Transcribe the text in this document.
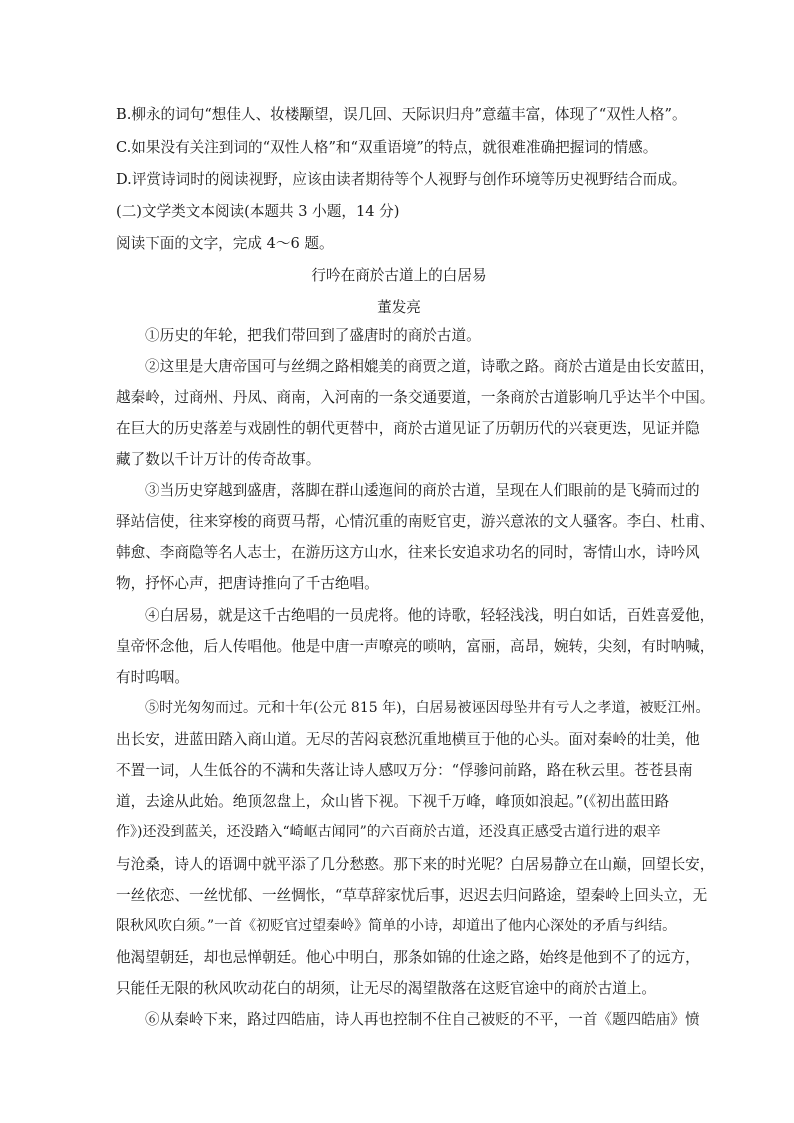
B.柳永的词句“想佳人、妆楼颙望，误几回、天际识归舟”意蕴丰富，体现了“双性人格”。
C.如果没有关注到词的“双性人格”和“双重语境”的特点，就很难准确把握词的情感。
D.评赏诗词时的阅读视野，应该由读者期待等个人视野与创作环境等历史视野结合而成。
(二)文学类文本阅读(本题共 3 小题，14 分)
阅读下面的文字，完成 4～6 题。
行吟在商於古道上的白居易
董发亮
①历史的年轮，把我们带回到了盛唐时的商於古道。
②这里是大唐帝国可与丝绸之路相媲美的商贾之道，诗歌之路。商於古道是由长安蓝田，
越秦岭，过商州、丹凤、商南，入河南的一条交通要道，一条商於古道影响几乎达半个中国。
在巨大的历史落差与戏剧性的朝代更替中，商於古道见证了历朝历代的兴衰更迭，见证并隐
藏了数以千计万计的传奇故事。
③当历史穿越到盛唐，落脚在群山逶迤间的商於古道，呈现在人们眼前的是飞骑而过的
驿站信使，往来穿梭的商贾马帮，心情沉重的南贬官吏，游兴意浓的文人骚客。李白、杜甫、
韩愈、李商隐等名人志士，在游历这方山水，往来长安追求功名的同时，寄情山水，诗吟风
物，抒怀心声，把唐诗推向了千古绝唱。
④白居易，就是这千古绝唱的一员虎将。他的诗歌，轻轻浅浅，明白如话，百姓喜爱他，
皇帝怀念他，后人传唱他。他是中唐一声嘹亮的唢呐，富丽，高昂，婉转，尖刻，有时呐喊，
有时呜咽。
⑤时光匆匆而过。元和十年(公元 815 年)，白居易被诬因母坠井有亏人之孝道，被贬江州。
出长安，进蓝田踏入商山道。无尽的苦闷哀愁沉重地横亘于他的心头。面对秦岭的壮美，他
不置一词，人生低谷的不满和失落让诗人感叹万分：“俘骖问前路，路在秋云里。苍苍县南
道，去途从此始。绝顶忽盘上，众山皆下视。下视千万峰，峰顶如浪起。”(《初出蓝田路
作》)还没到蓝关，还没踏入“崎岖古闻同”的六百商於古道，还没真正感受古道行进的艰辛
与沧桑，诗人的语调中就平添了几分愁憨。那下来的时光呢？白居易静立在山巅，回望长安，
一丝依恋、一丝忧郁、一丝惆怅，“草草辞家忧后事，迟迟去归问路途，望秦岭上回头立，无
限秋风吹白须。”一首《初贬官过望秦岭》简单的小诗，却道出了他内心深处的矛盾与纠结。
他渴望朝廷，却也忌惮朝廷。他心中明白，那条如锦的仕途之路，始终是他到不了的远方，
只能任无限的秋风吹动花白的胡须，让无尽的渴望散落在这贬官途中的商於古道上。
⑥从秦岭下来，路过四皓庙，诗人再也控制不住自己被贬的不平，一首《题四皓庙》愤
